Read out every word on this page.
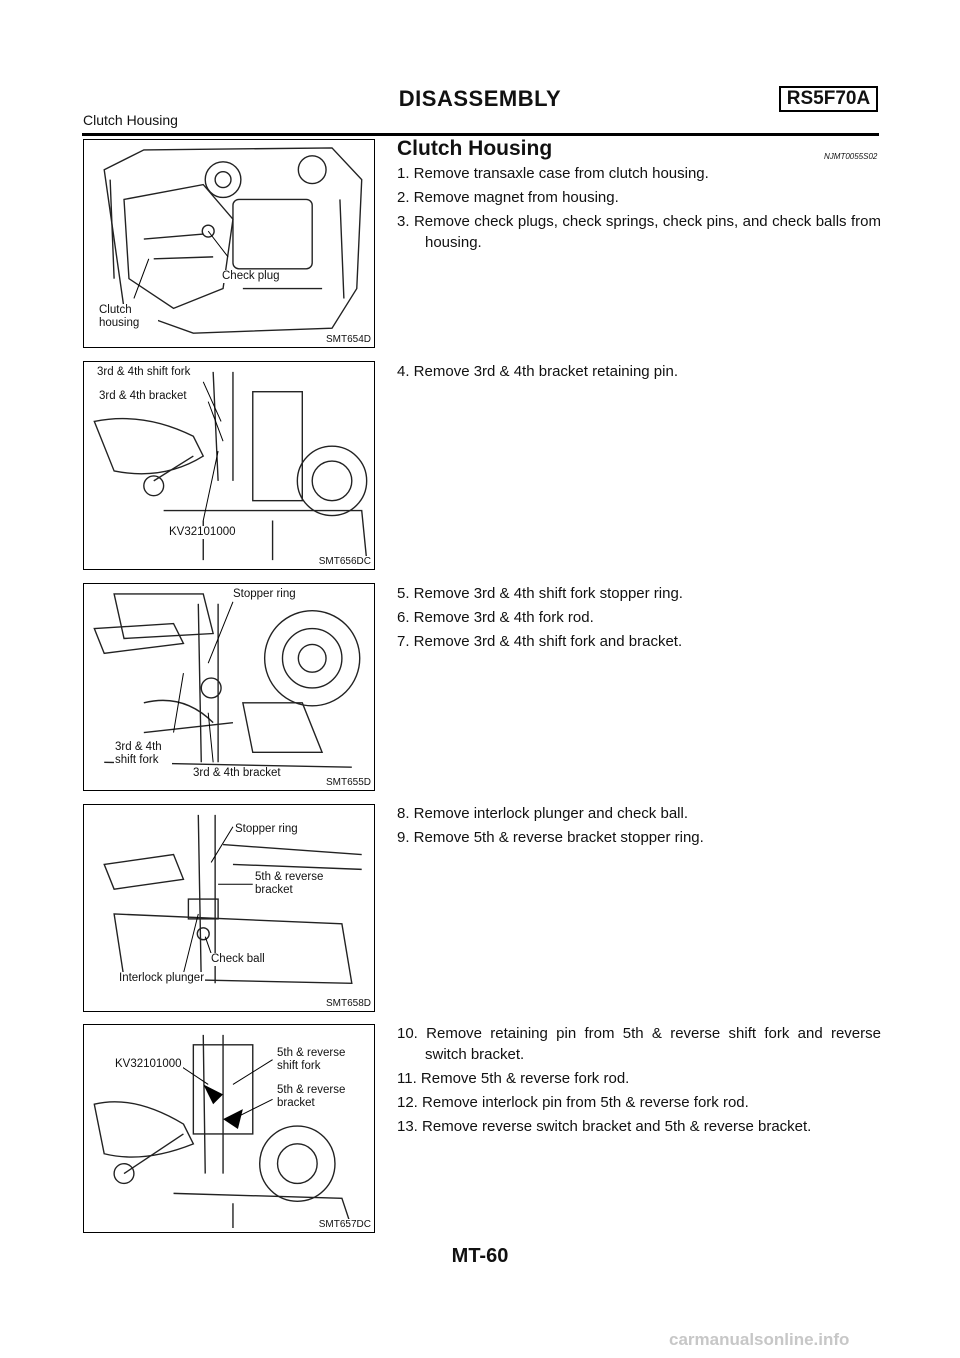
DISASSEMBLY	RS5F70A
Clutch Housing
Check plug
Clutch housing
SMT654D
3rd & 4th shift fork
3rd & 4th bracket
KV32101000
SMT656DC
Stopper ring
3rd & 4th shift fork
3rd & 4th bracket
SMT655D
Stopper ring
5th & reverse bracket
Check ball
Interlock plunger
SMT658D
KV32101000
5th & reverse shift fork
5th & reverse bracket
SMT657DC
Clutch Housing	NJMT0055S02
1. Remove transaxle case from clutch housing.
2. Remove magnet from housing.
3. Remove check plugs, check springs, check pins, and check balls from housing.
4. Remove 3rd & 4th bracket retaining pin.
5. Remove 3rd & 4th shift fork stopper ring.
6. Remove 3rd & 4th fork rod.
7. Remove 3rd & 4th shift fork and bracket.
8. Remove interlock plunger and check ball.
9. Remove 5th & reverse bracket stopper ring.
10. Remove retaining pin from 5th & reverse shift fork and reverse switch bracket.
11. Remove 5th & reverse fork rod.
12. Remove interlock pin from 5th & reverse fork rod.
13. Remove reverse switch bracket and 5th & reverse bracket.
MT-60
carmanualsonline.info
